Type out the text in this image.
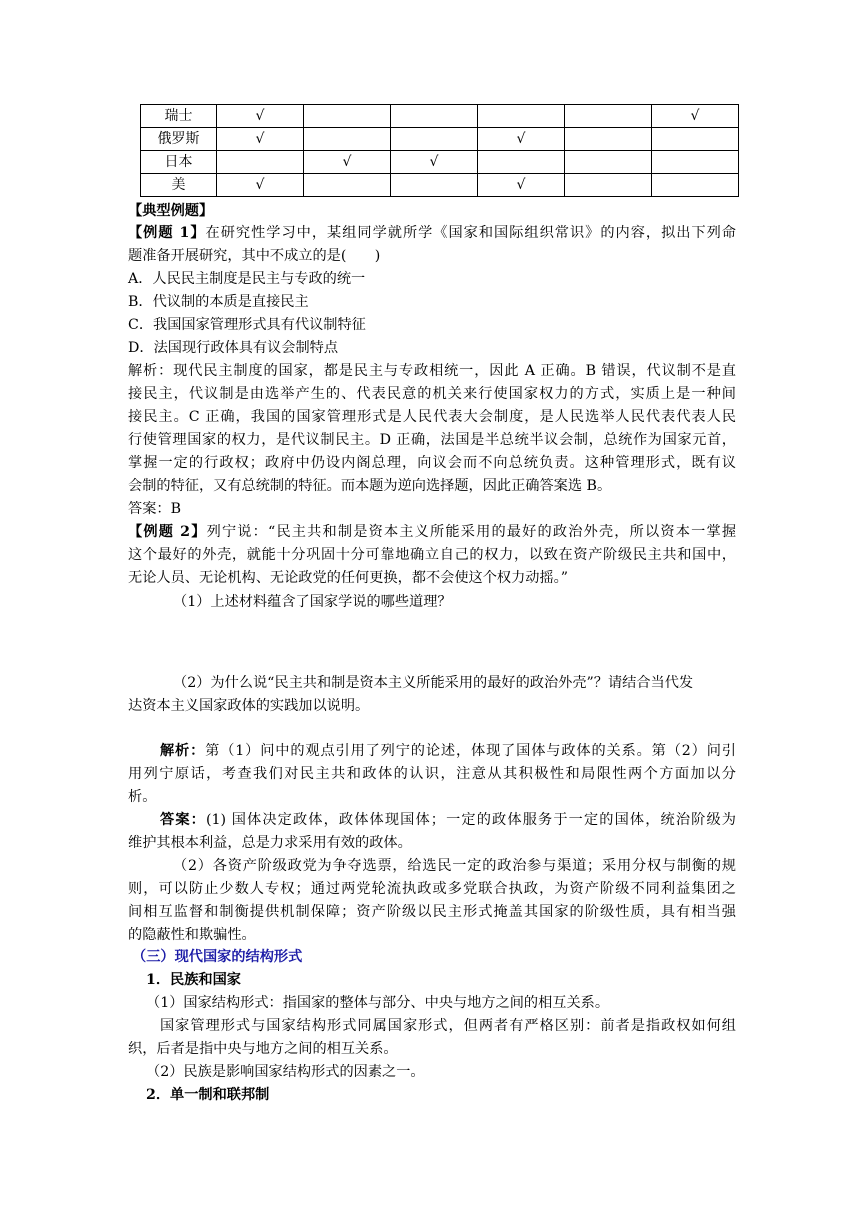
瑞士	√					√
俄罗斯	√			√		
日本		√	√			
美	√			√		
【典型例题】
【例题 1】在研究性学习中，某组同学就所学《国家和国际组织常识》的内容，拟出下列命
题准备开展研究，其中不成立的是(　　)
A．人民民主制度是民主与专政的统一
B．代议制的本质是直接民主
C．我国国家管理形式具有代议制特征
D．法国现行政体具有议会制特点
解析：现代民主制度的国家，都是民主与专政相统一，因此 A 正确。B 错误，代议制不是直
接民主，代议制是由选举产生的、代表民意的机关来行使国家权力的方式，实质上是一种间
接民主。C 正确，我国的国家管理形式是人民代表大会制度，是人民选举人民代表代表人民
行使管理国家的权力，是代议制民主。D 正确，法国是半总统半议会制，总统作为国家元首，
掌握一定的行政权；政府中仍设内阁总理，向议会而不向总统负责。这种管理形式，既有议
会制的特征，又有总统制的特征。而本题为逆向选择题，因此正确答案选 B。
答案：B
【例题 2】列宁说：“民主共和制是资本主义所能采用的最好的政治外壳，所以资本一掌握
这个最好的外壳，就能十分巩固十分可靠地确立自己的权力，以致在资产阶级民主共和国中，
无论人员、无论机构、无论政党的任何更换，都不会使这个权力动摇。”
（1）上述材料蕴含了国家学说的哪些道理？
（2）为什么说“民主共和制是资本主义所能采用的最好的政治外壳”？请结合当代发
达资本主义国家政体的实践加以说明。
解析：第（1）问中的观点引用了列宁的论述，体现了国体与政体的关系。第（2）问引
用列宁原话，考查我们对民主共和政体的认识，注意从其积极性和局限性两个方面加以分
析。
答案：(1) 国体决定政体，政体体现国体；一定的政体服务于一定的国体，统治阶级为
维护其根本利益，总是力求采用有效的政体。
（2）各资产阶级政党为争夺选票，给选民一定的政治参与渠道；采用分权与制衡的规
则，可以防止少数人专权；通过两党轮流执政或多党联合执政，为资产阶级不同利益集团之
间相互监督和制衡提供机制保障；资产阶级以民主形式掩盖其国家的阶级性质，具有相当强
的隐蔽性和欺骗性。
（三）现代国家的结构形式
1．民族和国家
（1）国家结构形式：指国家的整体与部分、中央与地方之间的相互关系。
国家管理形式与国家结构形式同属国家形式，但两者有严格区别：前者是指政权如何组
织，后者是指中央与地方之间的相互关系。
（2）民族是影响国家结构形式的因素之一。
2．单一制和联邦制
